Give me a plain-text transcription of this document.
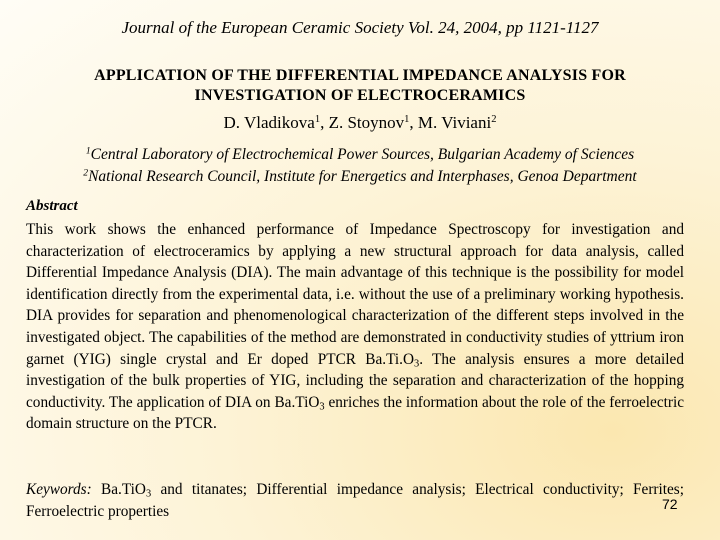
Journal of the European Ceramic Society Vol. 24, 2004, pp 1121-1127
APPLICATION OF THE DIFFERENTIAL IMPEDANCE ANALYSIS FOR
INVESTIGATION OF ELECTROCERAMICS
D. Vladikova$^1$, Z. Stoynov$^1$, M. Viviani$^2$
$^1$Central Laboratory of Electrochemical Power Sources, Bulgarian Academy of Sciences
$^2$National Research Council, Institute for Energetics and Interphases, Genoa Department
Abstract

This work shows the enhanced performance of Impedance Spectroscopy for investigation and characterization of electroceramics by applying a new structural approach for data analysis, called Differential Impedance Analysis (DIA). The main advantage of this technique is the possibility for model identification directly from the experimental data, i.e. without the use of a preliminary working hypothesis. DIA provides for separation and phenomenological characterization of the different steps involved in the investigated object. The capabilities of the method are demonstrated in conductivity studies of yttrium iron garnet (YIG) single crystal and Er doped PTCR $Ba.Ti.O_3$. The analysis ensures a more detailed investigation of the bulk properties of YIG, including the separation and characterization of the hopping conductivity. The application of DIA on Ba.TiO$_3$ enriches the information about the role of the ferroelectric domain structure on the PTCR.

Keywords: Ba.TiO$_3$ and titanates; Differential impedance analysis; Electrical conductivity; Ferrites; Ferroelectric properties	72
